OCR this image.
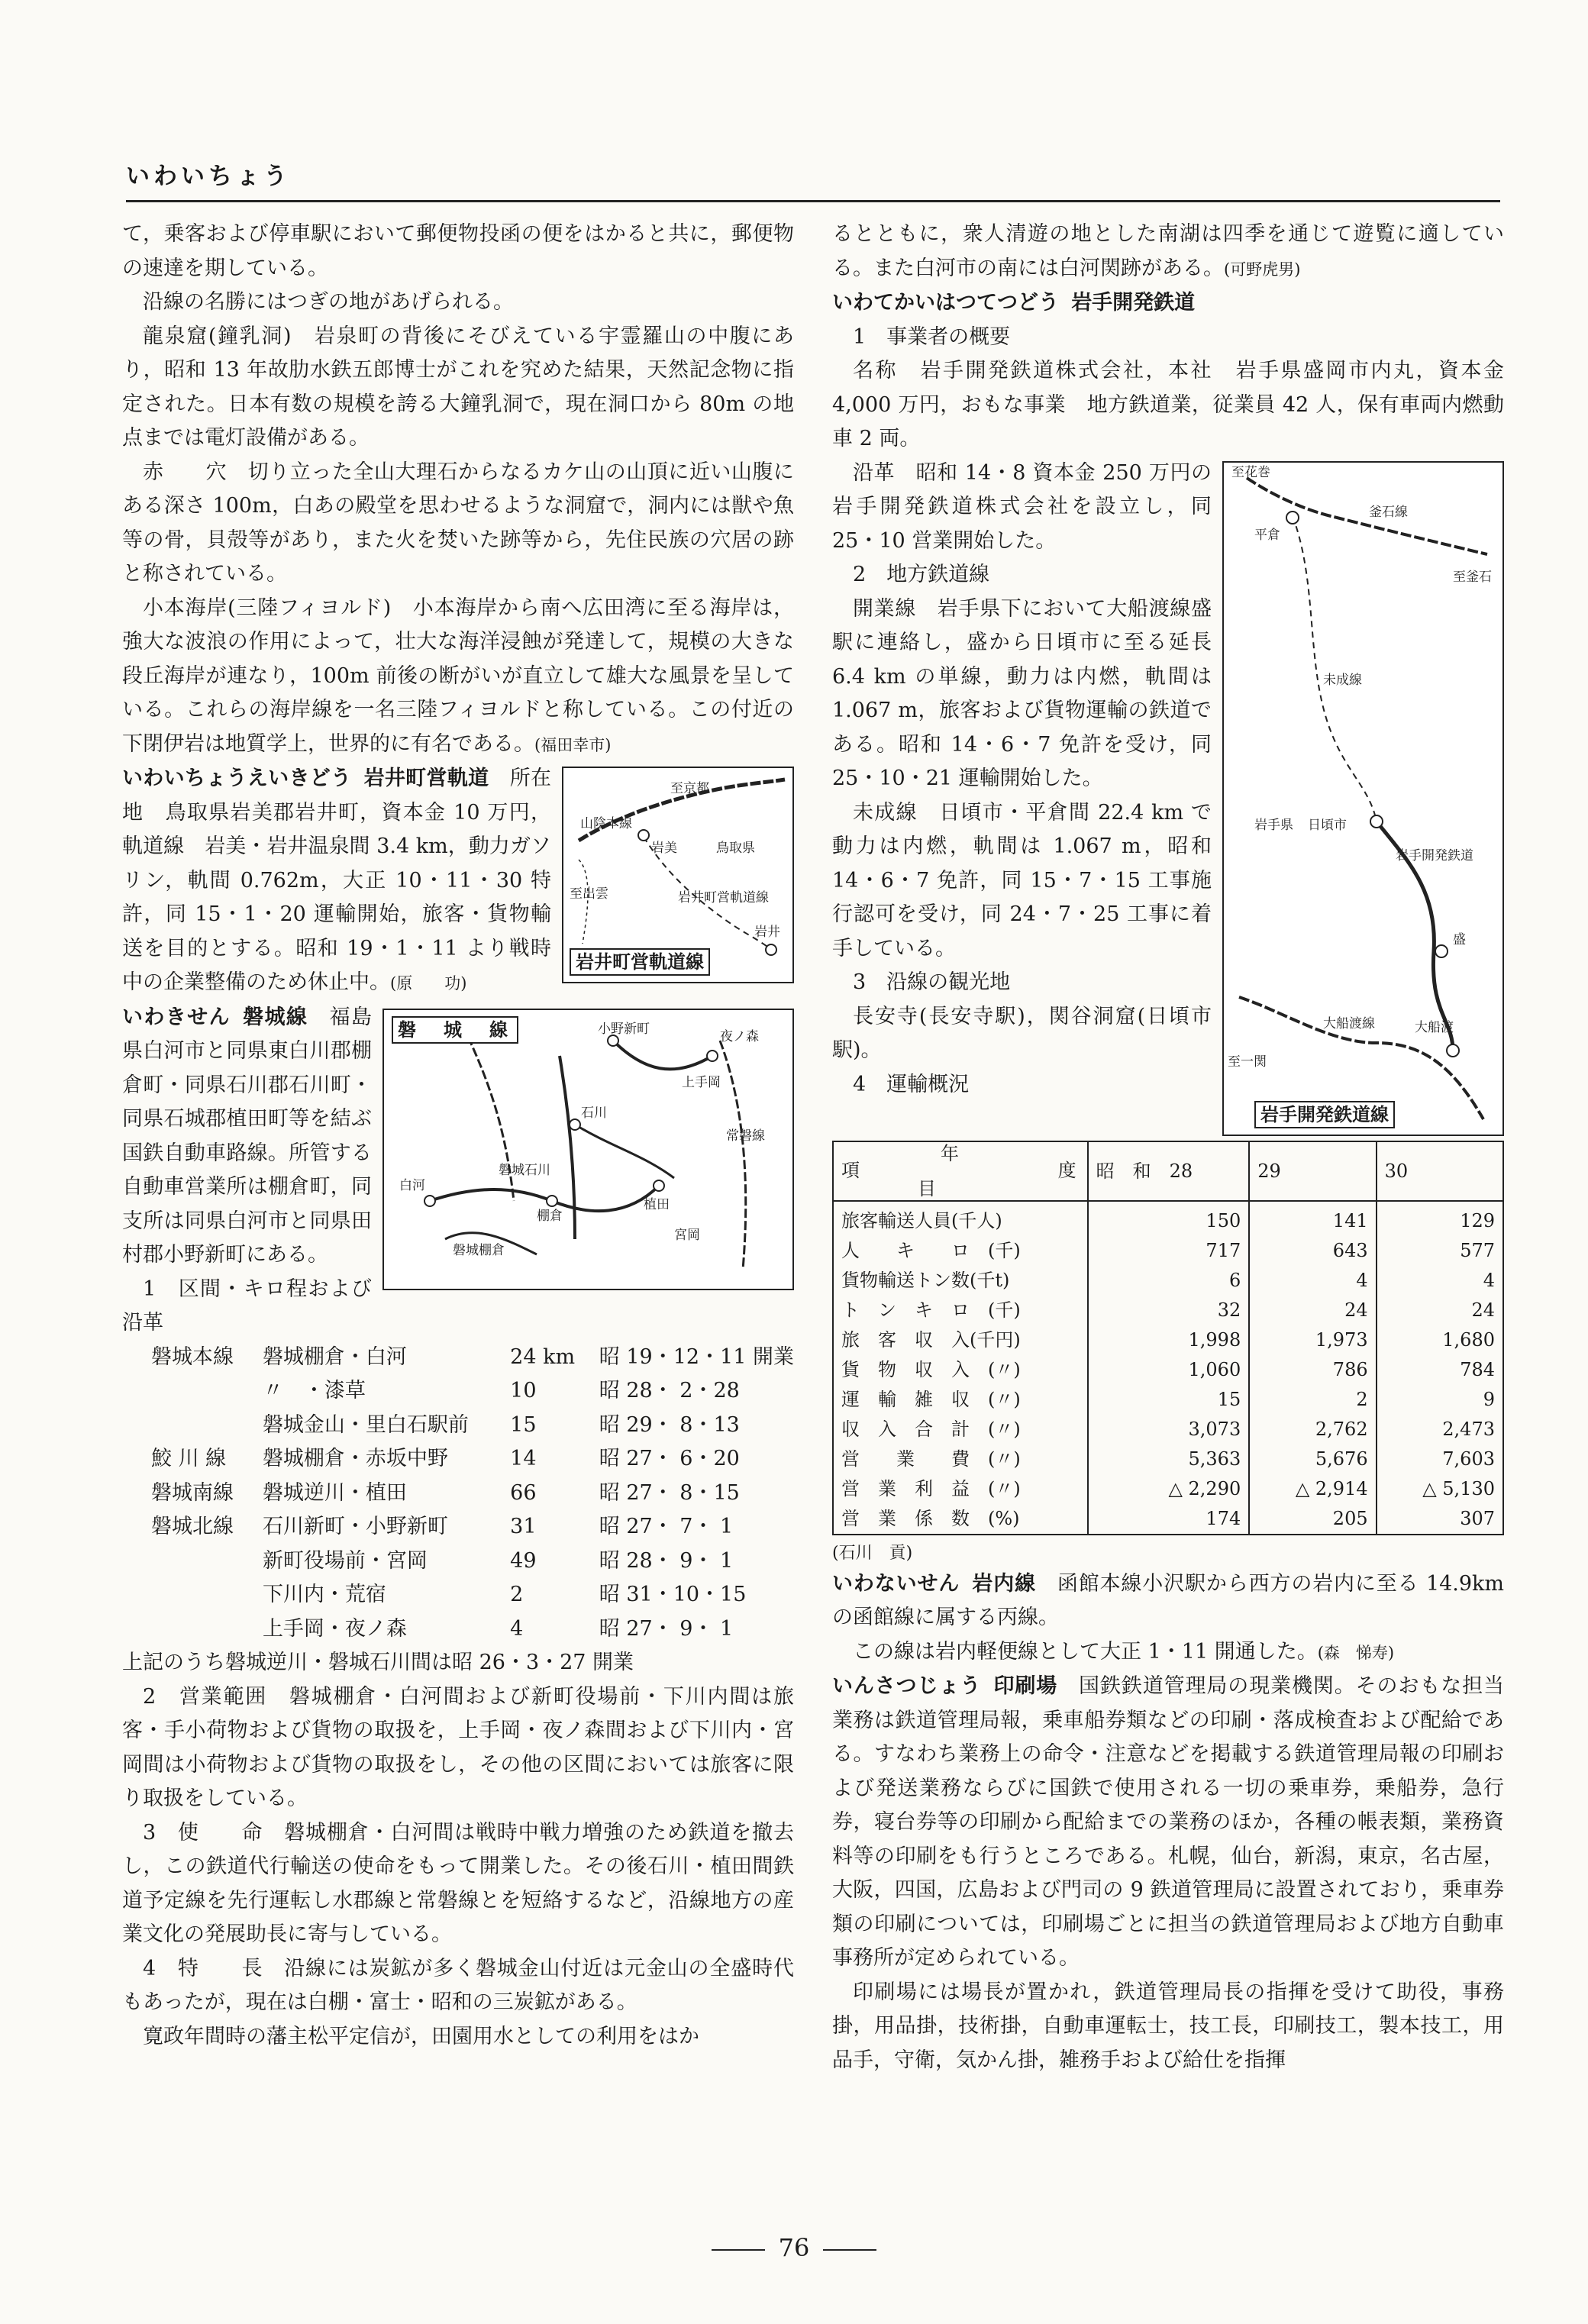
いわいちょう

て，乗客および停車駅において郵便物投函の便をはかると共に，郵便物の速達を期している。

沿線の名勝にはつぎの地があげられる。

龍泉窟(鐘乳洞)　岩泉町の背後にそびえている宇霊羅山の中腹にあり，昭和 13 年故肋水鉄五郎博士がこれを究めた結果，天然記念物に指定された。日本有数の規模を誇る大鐘乳洞で，現在洞口から 80m の地点までは電灯設備がある。

赤　　穴　切り立った全山大理石からなるカケ山の山頂に近い山腹にある深さ 100m，白あの殿堂を思わせるような洞窟で，洞内には獣や魚等の骨，貝殻等があり，また火を焚いた跡等から，先住民族の穴居の跡と称されている。

小本海岸(三陸フィヨルド)　小本海岸から南へ広田湾に至る海岸は，強大な波浪の作用によって，壮大な海洋浸蝕が発達して，規模の大きな段丘海岸が連なり，100m 前後の断がいが直立して雄大な風景を呈している。これらの海岸線を一名三陸フィヨルドと称している。この付近の下閉伊岩は地質学上，世界的に有名である。(福田幸市)

至京都
山陰本線
岩美	鳥取県
至出雲	岩井町営軌道線
岩井
岩井町営軌道線

いわいちょうえいきどう 岩井町営軌道　 所在地　鳥取県岩美郡岩井町，資本金 10 万円，軌道線　岩美・岩井温泉間 3.4 km，動力ガソリン，軌間 0.762m，大正 10・11・30 特許，同 15・1・20 運輸開始，旅客・貨物輸送を目的とする。昭和 19・1・11 より戦時中の企業整備のため休止中。(原　　功)

白河
棚倉
石川
小野新町
植田
磐城石川
磐城棚倉
常磐線
夜ノ森
上手岡
宮岡
磐　城　線

いわきせん 磐城線　 福島県白河市と同県東白川郡棚倉町・同県石川郡石川町・同県石城郡植田町等を結ぶ国鉄自動車路線。所管する自動車営業所は棚倉町，同支所は同県白河市と同県田村郡小野新町にある。

1　区間・キロ程および沿革

磐城本線	磐城棚倉・白河	24 km	昭 19・12・11 開業
	〃　・漆草	10	昭 28・ 2・28
	磐城金山・里白石駅前	15	昭 29・ 8・13
鮫 川 線	磐城棚倉・赤坂中野	14	昭 27・ 6・20
磐城南線	磐城逆川・植田	66	昭 27・ 8・15
磐城北線	石川新町・小野新町	31	昭 27・ 7・ 1
	新町役場前・宮岡	49	昭 28・ 9・ 1
	下川内・荒宿	2	昭 31・10・15
	上手岡・夜ノ森	4	昭 27・ 9・ 1

上記のうち磐城逆川・磐城石川間は昭 26・3・27 開業

2　営業範囲　磐城棚倉・白河間および新町役場前・下川内間は旅客・手小荷物および貨物の取扱を，上手岡・夜ノ森間および下川内・宮岡間は小荷物および貨物の取扱をし，その他の区間においては旅客に限り取扱をしている。

3　使　　命　磐城棚倉・白河間は戦時中戦力増強のため鉄道を撤去し，この鉄道代行輸送の使命をもって開業した。その後石川・植田間鉄道予定線を先行運転し水郡線と常磐線とを短絡するなど，沿線地方の産業文化の発展助長に寄与している。

4　特　　長　沿線には炭鉱が多く磐城金山付近は元金山の全盛時代もあったが，現在は白棚・富士・昭和の三炭鉱がある。

寛政年間時の藩主松平定信が，田園用水としての利用をはか

るとともに，衆人清遊の地とした南湖は四季を通じて遊覧に適している。また白河市の南には白河関跡がある。(可野虎男)

いわてかいはつてつどう 岩手開発鉄道

1　事業者の概要

名称　岩手開発鉄道株式会社，本社　岩手県盛岡市内丸，資本金 4,000 万円，おもな事業　地方鉄道業，従業員 42 人，保有車両内燃動車 2 両。

至花巻
平倉
釜石線
至釜石
未成線
岩手県 日頃市
岩手開発鉄道
盛
大船渡線	大船渡
至一関
岩手開発鉄道線

沿革　昭和 14・8 資本金 250 万円の岩手開発鉄道株式会社を設立し，同 25・10 営業開始した。

2　地方鉄道線

開業線　岩手県下において大船渡線盛駅に連絡し，盛から日頃市に至る延長 6.4 km の単線，動力は内燃，軌間は 1.067 m，旅客および貨物運輸の鉄道である。昭和 14・6・7 免許を受け，同 25・10・21 運輸開始した。

未成線　日頃市・平倉間 22.4 km で動力は内燃，軌間は 1.067 m，昭和 14・6・7 免許，同 15・7・15 工事施行認可を受け，同 24・7・25 工事に着手している。

3　沿線の観光地

長安寺(長安寺駅)，関谷洞窟(日頃市駅)。

4　運輸概況

年
項 度
目	昭　和　28	29	30
旅客輸送人員(千人)	150	141	129
人　　キ　　ロ　(千)	717	643	577
貨物輸送トン数(千t)	6	4	4
ト　ン　キ　ロ　(千)	32	24	24
旅　客　収　入(千円)	1,998	1,973	1,680
貨　物　収　入　(〃)	1,060	786	784
運　輸　雑　収　(〃)	15	2	9
収　入　合　計　(〃)	3,073	2,762	2,473
営　　業　　費　(〃)	5,363	5,676	7,603
営　業　利　益　(〃)	△ 2,290	△ 2,914	△ 5,130
営　業　係　数　(%)	174	205	307

(石川　貢)

いわないせん 岩内線　 函館本線小沢駅から西方の岩内に至る 14.9km の函館線に属する丙線。

この線は岩内軽便線として大正 1・11 開通した。(森　悌寿)

いんさつじょう 印刷場　 国鉄鉄道管理局の現業機関。そのおもな担当業務は鉄道管理局報，乗車船券類などの印刷・落成検査および配給である。すなわち業務上の命令・注意などを掲載する鉄道管理局報の印刷および発送業務ならびに国鉄で使用される一切の乗車券，乗船券，急行券，寝台券等の印刷から配給までの業務のほか，各種の帳表類，業務資料等の印刷をも行うところである。札幌，仙台，新潟，東京，名古屋，大阪，四国，広島および門司の 9 鉄道管理局に設置されており，乗車券類の印刷については，印刷場ごとに担当の鉄道管理局および地方自動車事務所が定められている。

印刷場には場長が置かれ，鉄道管理局長の指揮を受けて助役，事務掛，用品掛，技術掛，自動車運転士，技工長，印刷技工，製本技工，用品手，守衛，気かん掛，雑務手および給仕を指揮

76
